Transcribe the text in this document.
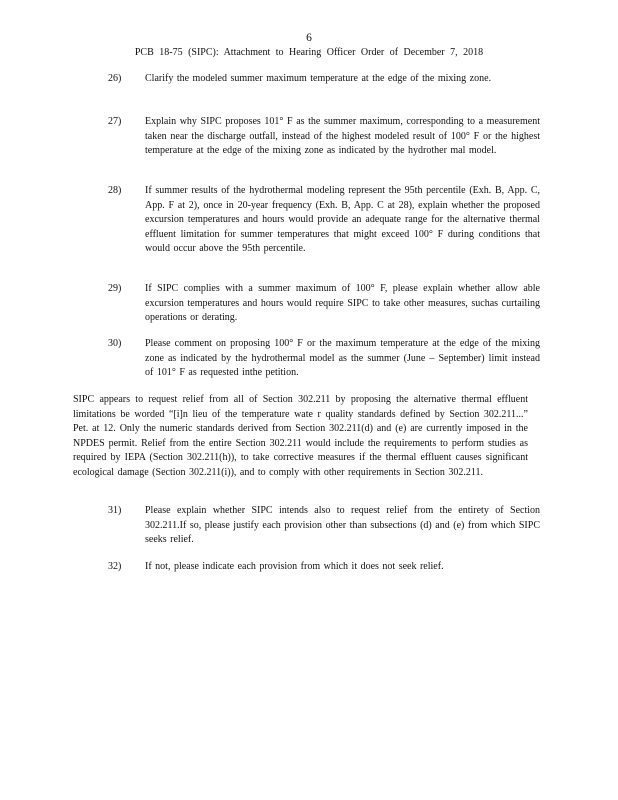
6
PCB 18-75 (SIPC): Attachment to Hearing Officer Order of December 7, 2018
26)	Clarify the modeled summer maximum temperature at the edge of the mixing zone.
27)	Explain why SIPC proposes 101° F as the summer maximum, corresponding to a measurement taken near the discharge outfall, instead of the highest modeled result of 100° F or the highest temperature at the edge of the mixing zone as indicated by the hydrother mal model.
28)	If summer results of the hydrothermal modeling represent the 95th percentile (Exh. B, App. C, App. F at 2), once in 20-year frequency (Exh. B, App. C at 28), explain whether the proposed excursion temperatures and hours would provide an adequate range for the alternative thermal effluent limitation for summer temperatures that might exceed 100° F during conditions that would occur above the 95th percentile.
29)	If SIPC complies with a summer maximum of 100° F, please explain whether allow able excursion temperatures and hours would require SIPC to take other measures, suchas curtailing operations or derating.
30)	Please comment on proposing 100° F or the maximum temperature at the edge of the mixing zone as indicated by the hydrothermal model as the summer (June – September) limit instead of 101° F as requested inthe petition.
SIPC appears to request relief from all of Section 302.211 by proposing the alternative thermal effluent limitations be worded “[i]n lieu of the temperature wate r quality standards defined by Section 302.211...” Pet. at 12. Only the numeric standards derived from Section 302.211(d) and (e) are currently imposed in the NPDES permit. Relief from the entire Section 302.211 would include the requirements to perform studies as required by IEPA (Section 302.211(h)), to take corrective measures if the thermal effluent causes significant ecological damage (Section 302.211(i)), and to comply with other requirements in Section 302.211.
31)	Please explain whether SIPC intends also to request relief from the entirety of Section 302.211.If so, please justify each provision other than subsections (d) and (e) from which SIPC seeks relief.
32)	If not, please indicate each provision from which it does not seek relief.
